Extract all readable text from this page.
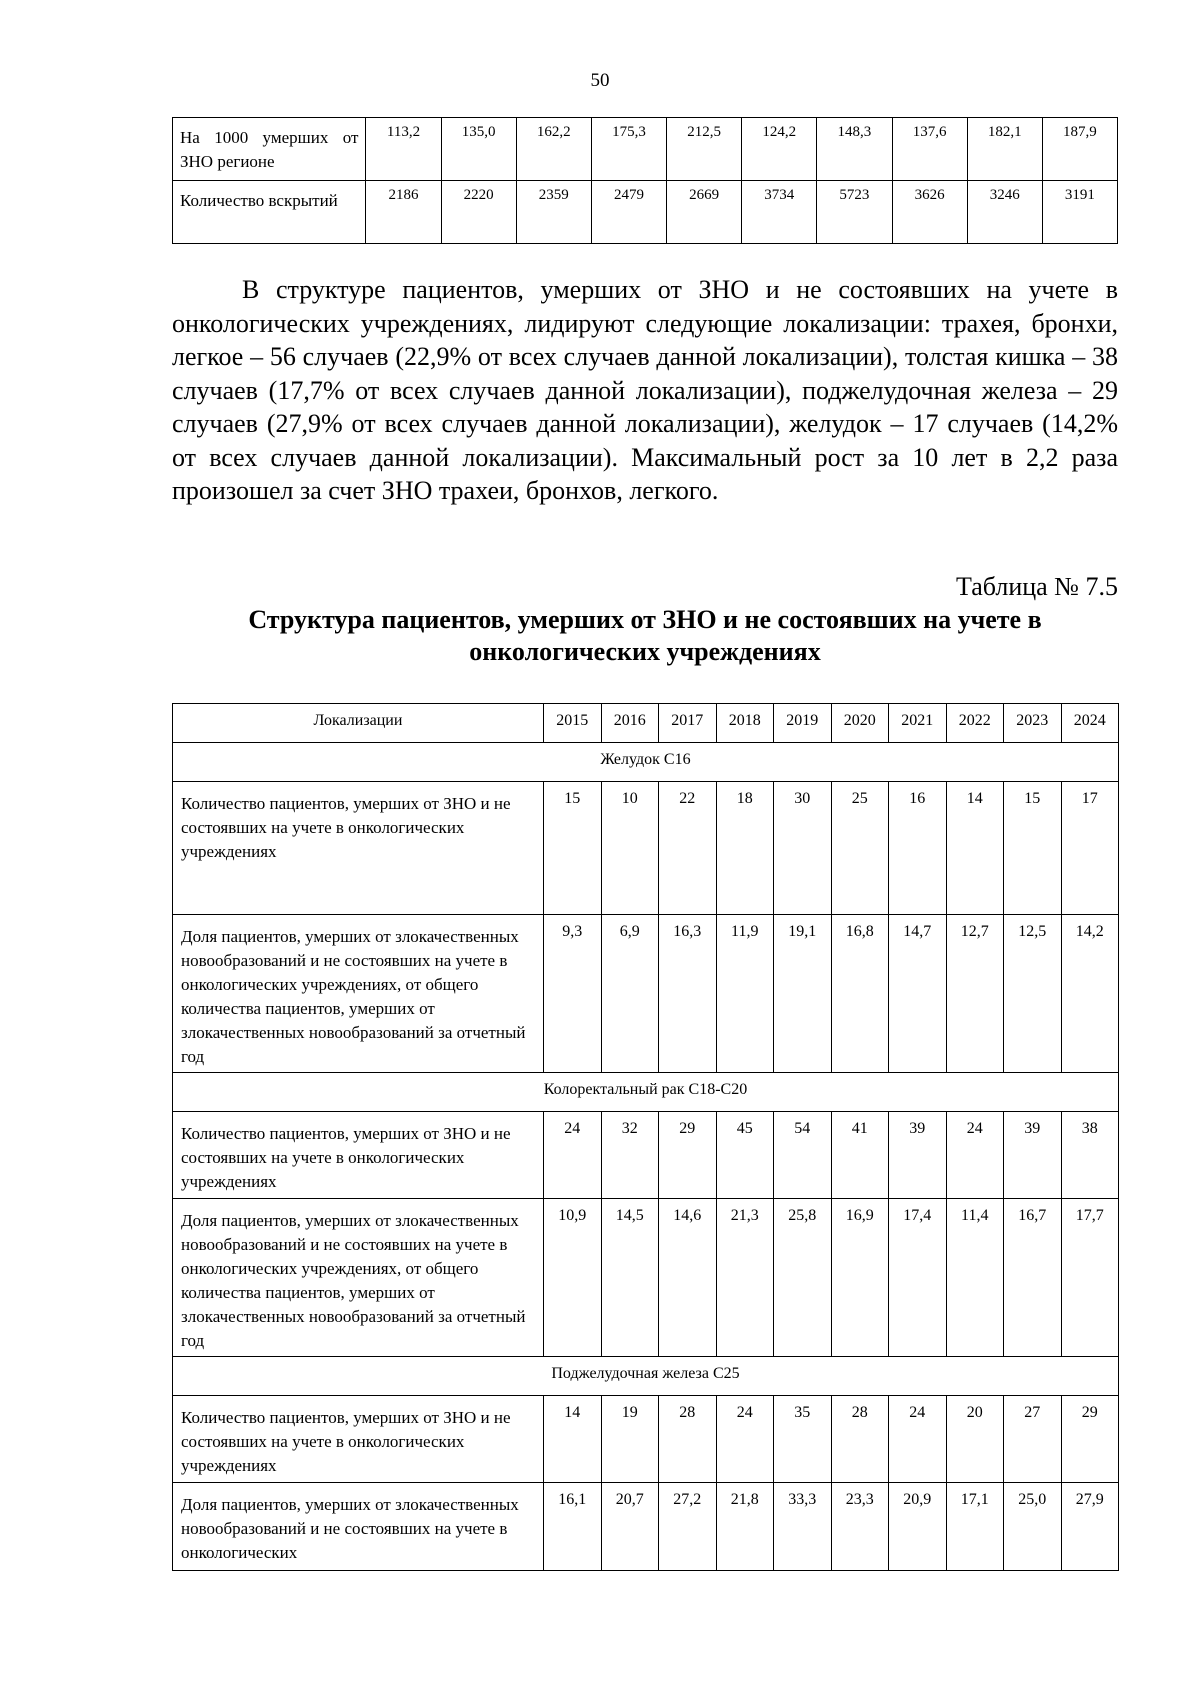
50
На 1000 умерших от ЗНО регионе	113,2	135,0	162,2	175,3	212,5	124,2	148,3	137,6	182,1	187,9
Количество вскрытий	2186	2220	2359	2479	2669	3734	5723	3626	3246	3191
В структуре пациентов, умерших от ЗНО и не состоявших на учете в онкологических учреждениях, лидируют следующие локализации: трахея, бронхи, легкое – 56 случаев (22,9% от всех случаев данной локализации), толстая кишка – 38 случаев (17,7% от всех случаев данной локализации), поджелудочная железа – 29 случаев (27,9% от всех случаев данной локализации), желудок – 17 случаев (14,2% от всех случаев данной локализации). Максимальный рост за 10 лет в 2,2 раза произошел за счет ЗНО трахеи, бронхов, легкого.
Таблица № 7.5
Структура пациентов, умерших от ЗНО и не состоявших на учете в
онкологических учреждениях
Локализации	2015	2016	2017	2018	2019	2020	2021	2022	2023	2024
Желудок С16										
Количество пациентов, умерших от ЗНО и не состоявших на учете в онкологических учреждениях	15	10	22	18	30	25	16	14	15	17
Доля пациентов, умерших от злокачественных новообразований и не состоявших на учете в онкологических учреждениях, от общего количества пациентов, умерших от злокачественных новообразований за отчетный год	9,3	6,9	16,3	11,9	19,1	16,8	14,7	12,7	12,5	14,2
Колоректальный рак С18-С20										
Количество пациентов, умерших от ЗНО и не состоявших на учете в онкологических учреждениях	24	32	29	45	54	41	39	24	39	38
Доля пациентов, умерших от злокачественных новообразований и не состоявших на учете в онкологических учреждениях, от общего количества пациентов, умерших от злокачественных новообразований за отчетный год	10,9	14,5	14,6	21,3	25,8	16,9	17,4	11,4	16,7	17,7
Поджелудочная железа С25										
Количество пациентов, умерших от ЗНО и не состоявших на учете в онкологических учреждениях	14	19	28	24	35	28	24	20	27	29
Доля пациентов, умерших от злокачественных новообразований и не состоявших на учете в онкологических	16,1	20,7	27,2	21,8	33,3	23,3	20,9	17,1	25,0	27,9
